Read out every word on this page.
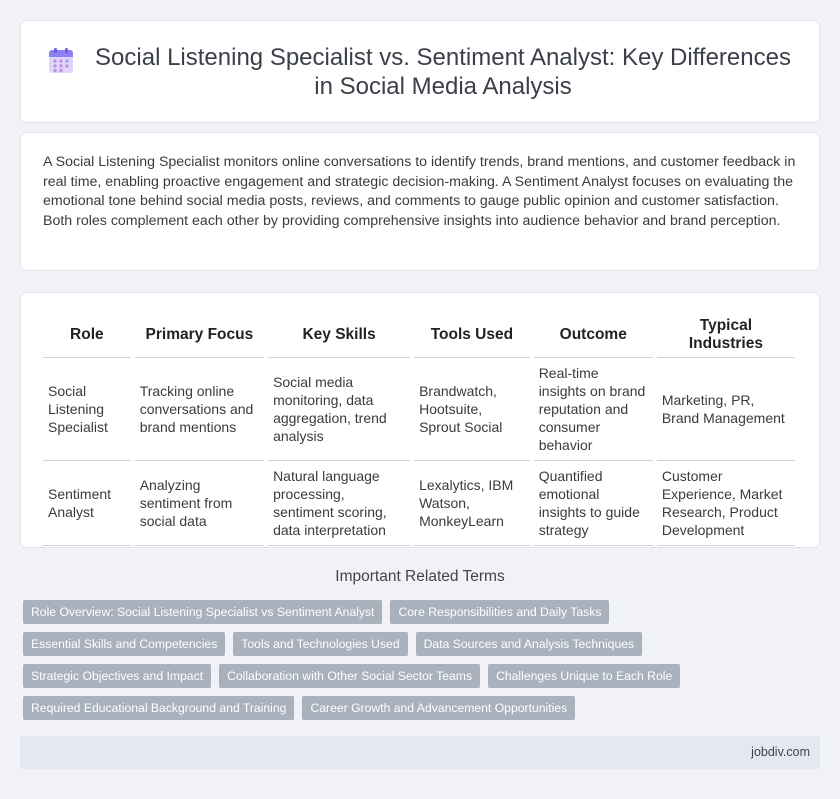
Social Listening Specialist vs. Sentiment Analyst: Key Differences in Social Media Analysis

A Social Listening Specialist monitors online conversations to identify trends, brand mentions, and customer feedback in real time, enabling proactive engagement and strategic decision-making. A Sentiment Analyst focuses on evaluating the emotional tone behind social media posts, reviews, and comments to gauge public opinion and customer satisfaction. Both roles complement each other by providing comprehensive insights into audience behavior and brand perception.

Role	Primary Focus	Key Skills	Tools Used	Outcome	Typical Industries
Social Listening Specialist	Tracking online conversations and brand mentions	Social media monitoring, data aggregation, trend analysis	Brandwatch, Hootsuite, Sprout Social	Real-time insights on brand reputation and consumer behavior	Marketing, PR, Brand Management
Sentiment Analyst	Analyzing sentiment from social data	Natural language processing, sentiment scoring, data interpretation	Lexalytics, IBM Watson, MonkeyLearn	Quantified emotional insights to guide strategy	Customer Experience, Market Research, Product Development
Important Related Terms
Role Overview: Social Listening Specialist vs Sentiment Analyst	Core Responsibilities and Daily Tasks
Essential Skills and Competencies	Tools and Technologies Used	Data Sources and Analysis Techniques
Strategic Objectives and Impact	Collaboration with Other Social Sector Teams	Challenges Unique to Each Role
Required Educational Background and Training	Career Growth and Advancement Opportunities
jobdiv.com
